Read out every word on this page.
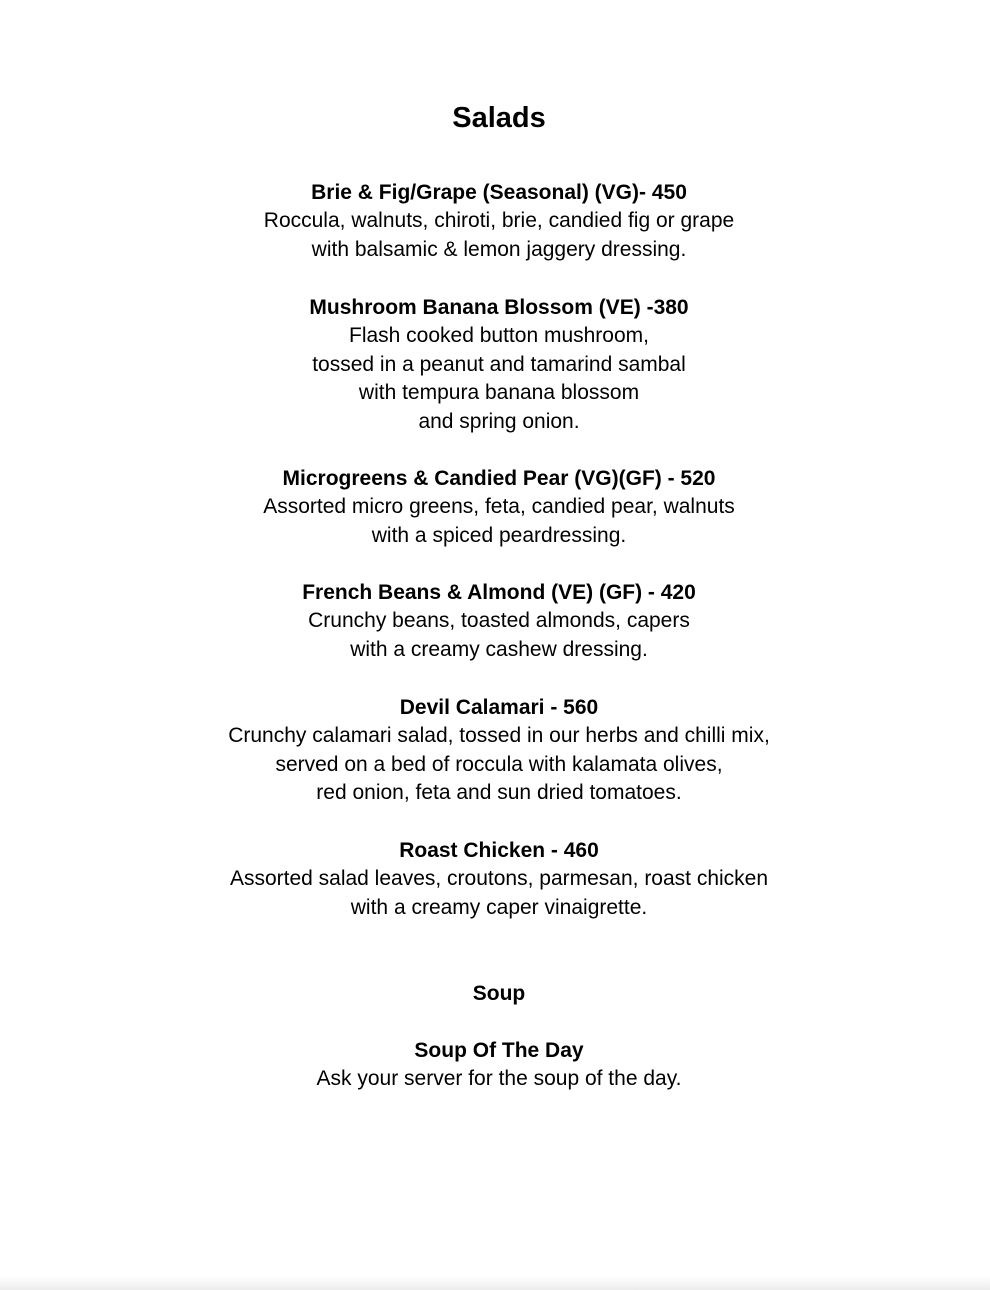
Salads
Brie & Fig/Grape (Seasonal) (VG)- 450
Roccula, walnuts, chiroti, brie, candied fig or grape
with balsamic & lemon jaggery dressing.
Mushroom Banana Blossom (VE) -380
Flash cooked button mushroom,
tossed in a peanut and tamarind sambal
with tempura banana blossom
and spring onion.
Microgreens & Candied Pear (VG)(GF) - 520
Assorted micro greens, feta, candied pear, walnuts
with a spiced peardressing.
French Beans & Almond (VE) (GF) - 420
Crunchy beans, toasted almonds, capers
with a creamy cashew dressing.
Devil Calamari - 560
Crunchy calamari salad, tossed in our herbs and chilli mix,
served on a bed of roccula with kalamata olives,
red onion, feta and sun dried tomatoes.
Roast Chicken - 460
Assorted salad leaves, croutons, parmesan, roast chicken
with a creamy caper vinaigrette.
Soup
Soup Of The Day
Ask your server for the soup of the day.
